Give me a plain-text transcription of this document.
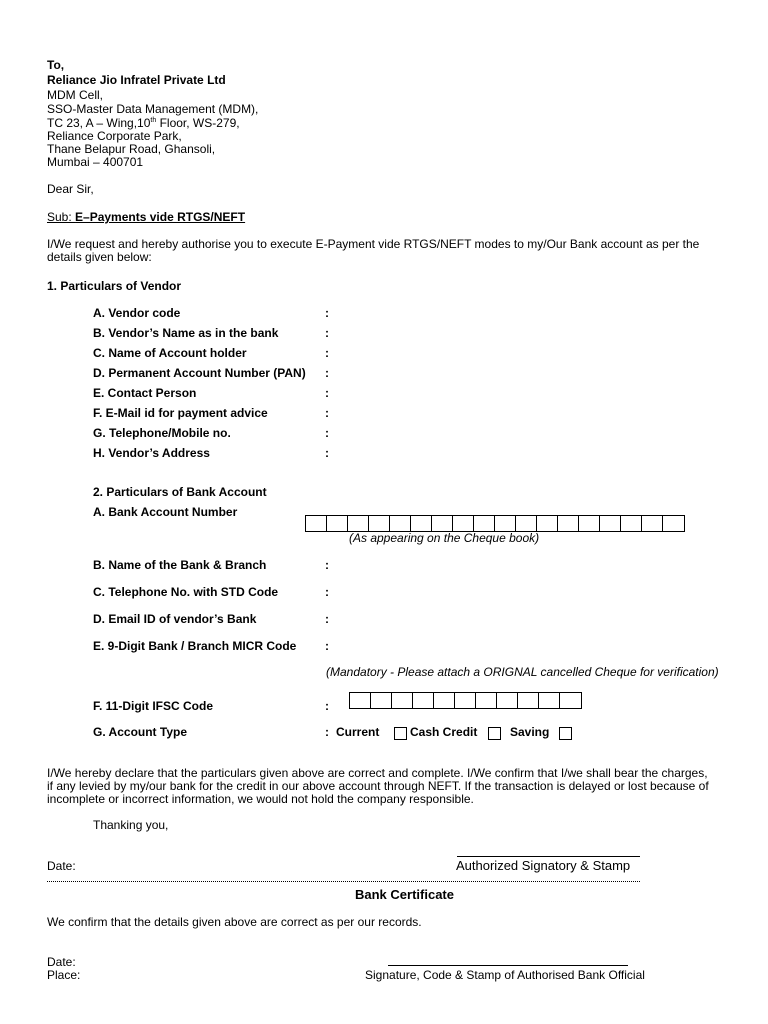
To,
Reliance Jio Infratel Private Ltd
MDM Cell,
SSO-Master Data Management (MDM),
TC 23, A – Wing,10th Floor, WS-279,
Reliance Corporate Park,
Thane Belapur Road, Ghansoli,
Mumbai – 400701
Dear Sir,
Sub: E–Payments vide RTGS/NEFT
I/We request and hereby authorise you to execute E-Payment vide RTGS/NEFT modes to my/Our Bank account as per the
details given below:
1. Particulars of Vendor
A. Vendor code	:
B. Vendor’s Name as in the bank	:
C. Name of Account holder	:
D. Permanent Account Number (PAN) :
E. Contact Person	:
F. E-Mail id for payment advice	:
G. Telephone/Mobile no.	:
H. Vendor’s Address	:
2. Particulars of Bank Account
A. Bank Account Number
(As appearing on the Cheque book)
B. Name of the Bank & Branch	:
C. Telephone No. with STD Code	:
D. Email ID of vendor’s Bank	:
E. 9-Digit Bank / Branch MICR Code :
(Mandatory - Please attach a ORIGNAL cancelled Cheque for verification)
F. 11-Digit IFSC Code	:
G. Account Type	: Current	Cash Credit	Saving
I/We hereby declare that the particulars given above are correct and complete. I/We confirm that I/we shall bear the charges,
if any levied by my/our bank for the credit in our above account through NEFT. If the transaction is delayed or lost because of
incomplete or incorrect information, we would not hold the company responsible.
Thanking you,
Date:	Authorized Signatory & Stamp
Bank Certificate
We confirm that the details given above are correct as per our records.
Date:
Place:	Signature, Code & Stamp of Authorised Bank Official
